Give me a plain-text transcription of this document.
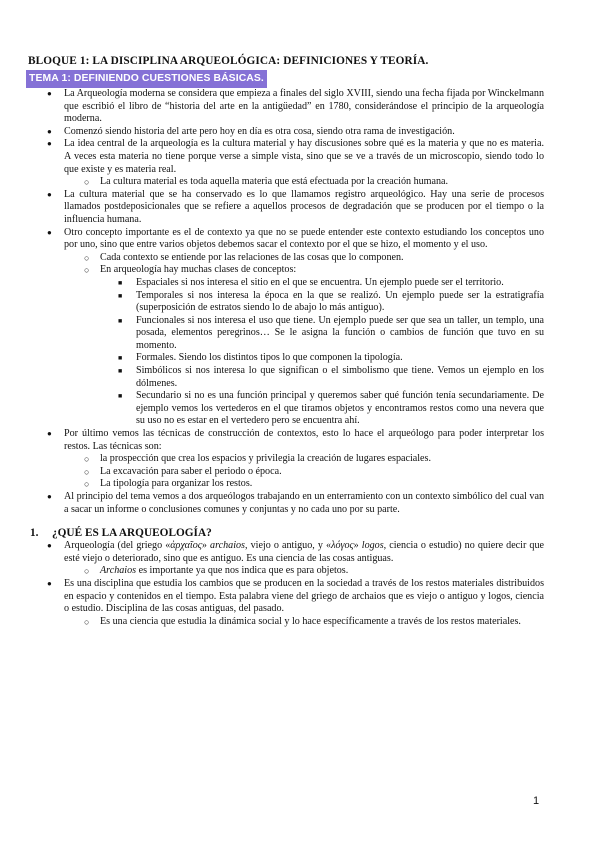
BLOQUE 1: LA DISCIPLINA ARQUEOLÓGICA: DEFINICIONES Y TEORÍA.
TEMA 1: DEFINIENDO CUESTIONES BÁSICAS.
● La Arqueología moderna se considera que empieza a finales del siglo XVIII, siendo una fecha fijada por Winckelmann que escribió el libro de “historia del arte en la antigüedad” en 1780, considerándose el principio de la arqueología moderna.
● Comenzó siendo historia del arte pero hoy en día es otra cosa, siendo otra rama de investigación.
● La idea central de la arqueología es la cultura material y hay discusiones sobre qué es la materia y que no es materia. A veces esta materia no tiene porque verse a simple vista, sino que se ve a través de un microscopio, siendo todo lo que existe y es materia real.
○ La cultura material es toda aquella materia que está efectuada por la creación humana.
● La cultura material que se ha conservado es lo que llamamos registro arqueológico. Hay una serie de procesos llamados postdeposicionales que se refiere a aquellos procesos de degradación que se producen por el tiempo o la influencia humana.
● Otro concepto importante es el de contexto ya que no se puede entender este contexto estudiando los conceptos uno por uno, sino que entre varios objetos debemos sacar el contexto por el que se hizo, el momento y el uso.
○ Cada contexto se entiende por las relaciones de las cosas que lo componen.
○ En arqueología hay muchas clases de conceptos:
■ Espaciales si nos interesa el sitio en el que se encuentra. Un ejemplo puede ser el territorio.
■ Temporales si nos interesa la época en la que se realizó. Un ejemplo puede ser la estratigrafía (superposición de estratos siendo lo de abajo lo más antiguo).
■ Funcionales si nos interesa el uso que tiene. Un ejemplo puede ser que sea un taller, un templo, una posada, elementos peregrinos… Se le asigna la función o cambios de función que tuvo en su momento.
■ Formales. Siendo los distintos tipos lo que componen la tipología.
■ Simbólicos si nos interesa lo que significan o el simbolismo que tiene. Vemos un ejemplo en los dólmenes.
■ Secundario si no es una función principal y queremos saber qué función tenía secundariamente. De ejemplo vemos los vertederos en el que tiramos objetos y encontramos restos como una nevera que su uso no es estar en el vertedero pero se encuentra ahí.
● Por último vemos las técnicas de construcción de contextos, esto lo hace el arqueólogo para poder interpretar los restos. Las técnicas son:
○ la prospección que crea los espacios y privilegia la creación de lugares espaciales.
○ La excavación para saber el periodo o época.
○ La tipología para organizar los restos.
● Al principio del tema vemos a dos arqueólogos trabajando en un enterramiento con un contexto simbólico del cual van a sacar un informe o conclusiones comunes y conjuntas y no cada uno por su parte.
1. ¿QUÉ ES LA ARQUEOLOGÍA?
● Arqueología (del griego «ἀρχαῖος» archaios, viejo o antiguo, y «λόγος» logos, ciencia o estudio) no quiere decir que esté viejo o deteriorado, sino que es antiguo. Es una ciencia de las cosas antiguas.
○ Archaios es importante ya que nos indica que es para objetos.
● Es una disciplina que estudia los cambios que se producen en la sociedad a través de los restos materiales distribuidos en espacio y contenidos en el tiempo. Esta palabra viene del griego de archaios que es viejo o antiguo y logos, ciencia o estudio. Disciplina de las cosas antiguas, del pasado.
○ Es una ciencia que estudia la dinámica social y lo hace específicamente a través de los restos materiales.
1
